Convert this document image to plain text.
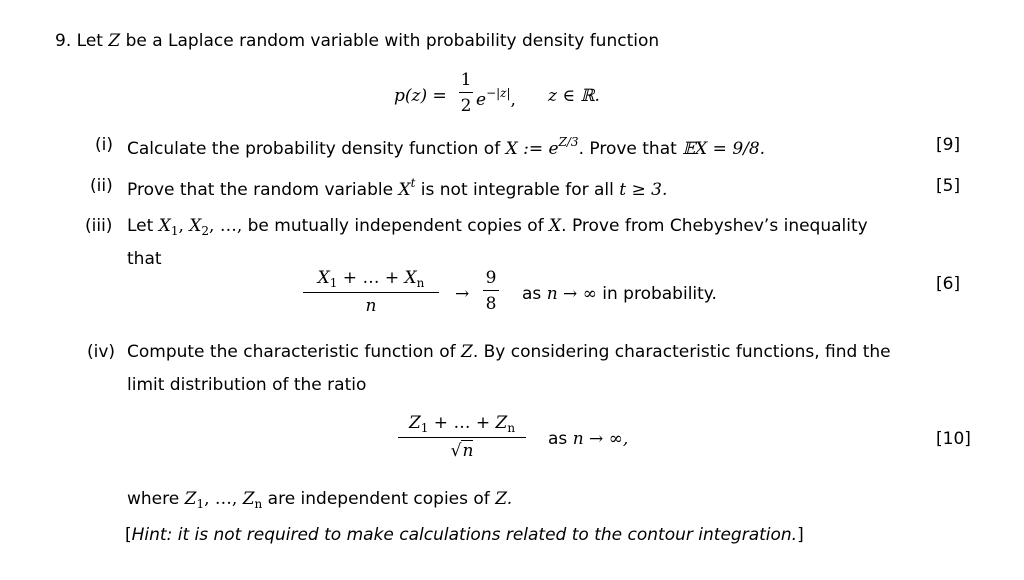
9. Let Z be a Laplace random variable with probability density function
p(z) =
1
2 $e^{-|z|}$, z ∈ ℝ.
(i) Calculate the probability density function of X := $e^{Z/3}$. Prove that 𝔼X = 9/8.	[9]
(ii) Prove that the random variable $X^t$ is not integrable for all t ≥ 3.	[5]
(iii) Let $X_1$, $X_2$, …, be mutually independent copies of X. Prove from Chebyshev’s inequality
that
$X_1$ + … + $X_n$
n
→
9
8 as n → ∞ in probability.	[6]
(iv) Compute the characteristic function of Z. By considering characteristic functions, find the
limit distribution of the ratio
$Z_1$ + … + $Z_n$
√n
as n → ∞,	[10]
where $Z_1$, …, $Z_n$ are independent copies of Z.
[Hint: it is not required to make calculations related to the contour integration.]
